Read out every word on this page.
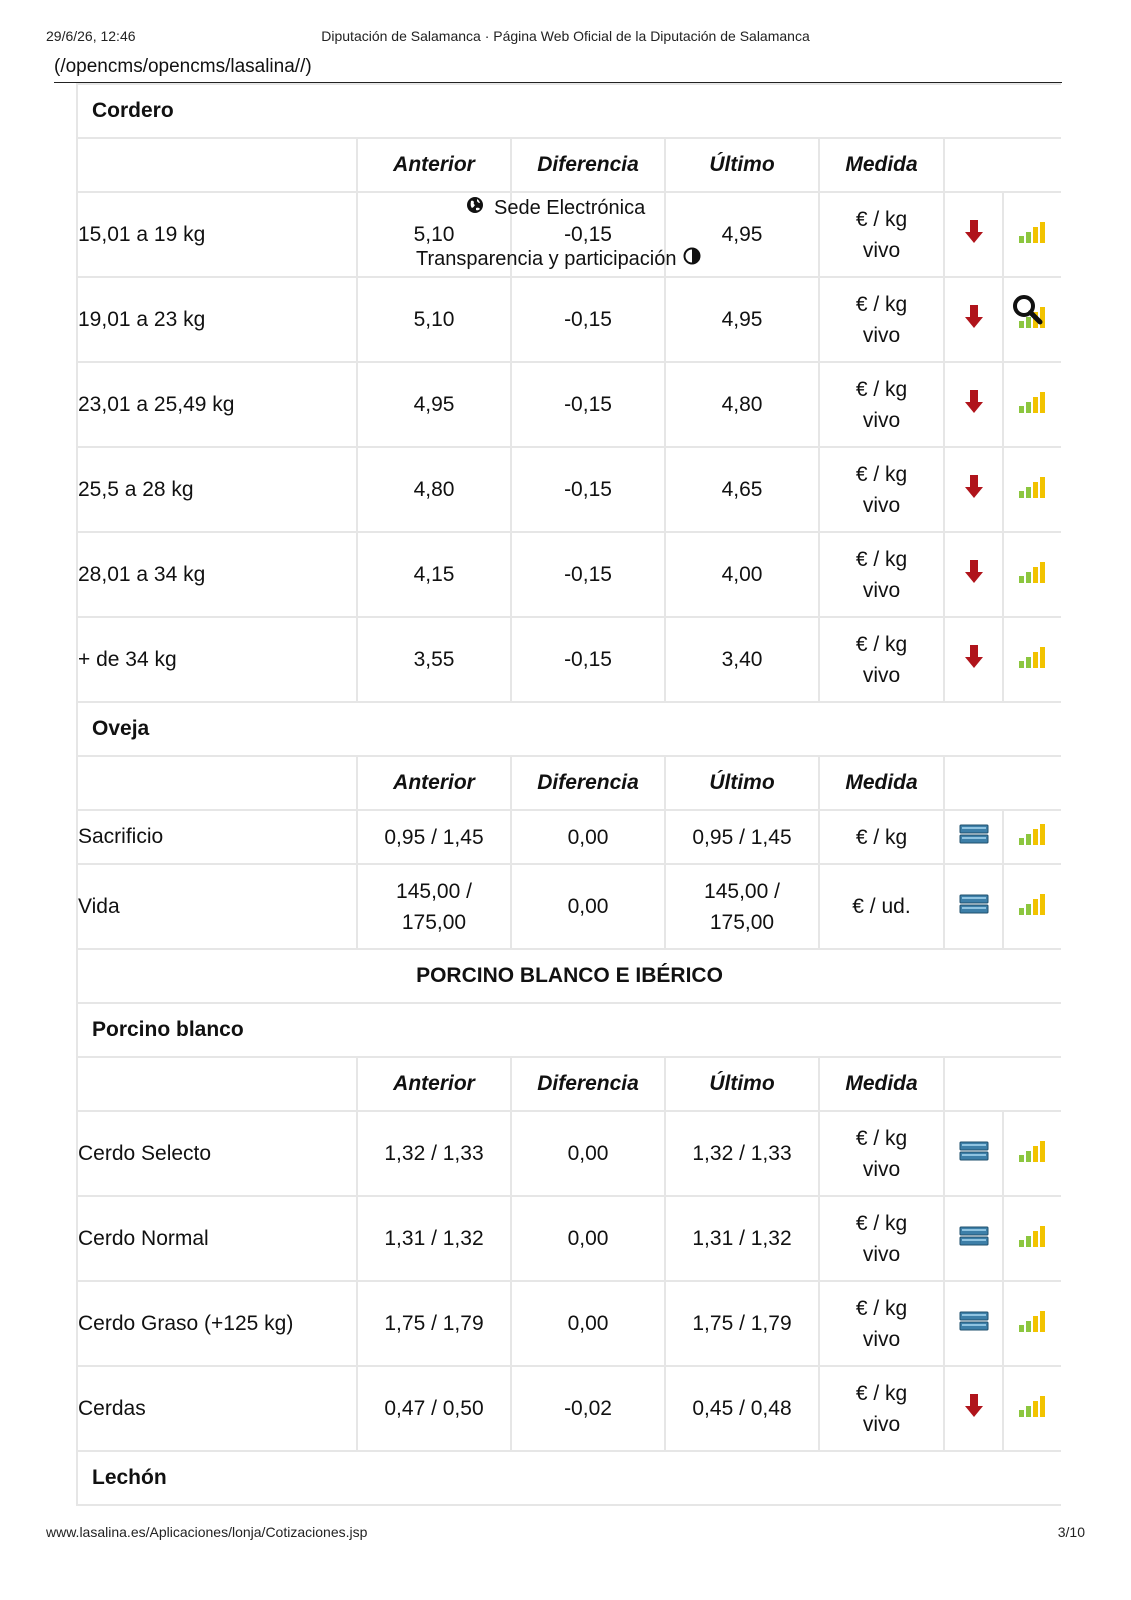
29/6/26, 12:46	Diputación de Salamanca · Página Web Oficial de la Diputación de Salamanca
(/opencms/opencms/lasalina//)
Cordero						
	Anterior	Diferencia	Último	Medida		
15,01 a 19 kg	5,10	-0,15	4,95	€ / kg
vivo		
19,01 a 23 kg	5,10	-0,15	4,95	€ / kg
vivo		
23,01 a 25,49 kg	4,95	-0,15	4,80	€ / kg
vivo		
25,5 a 28 kg	4,80	-0,15	4,65	€ / kg
vivo		
28,01 a 34 kg	4,15	-0,15	4,00	€ / kg
vivo		
+ de 34 kg	3,55	-0,15	3,40	€ / kg
vivo		
Oveja						
	Anterior	Diferencia	Último	Medida		
Sacrificio	0,95 / 1,45	0,00	0,95 / 1,45	€ / kg		
Vida	145,00 /
175,00	0,00	145,00 /
175,00	€ / ud.		
PORCINO BLANCO E IBÉRICO						
Porcino blanco						
	Anterior	Diferencia	Último	Medida		
Cerdo Selecto	1,32 / 1,33	0,00	1,32 / 1,33	€ / kg
vivo		
Cerdo Normal	1,31 / 1,32	0,00	1,31 / 1,32	€ / kg
vivo		
Cerdo Graso (+125 kg)	1,75 / 1,79	0,00	1,75 / 1,79	€ / kg
vivo		
Cerdas	0,47 / 0,50	-0,02	0,45 / 0,48	€ / kg
vivo		
Lechón						
Sede Electrónica
Transparencia y participación
www.lasalina.es/Aplicaciones/lonja/Cotizaciones.jsp	3/10
